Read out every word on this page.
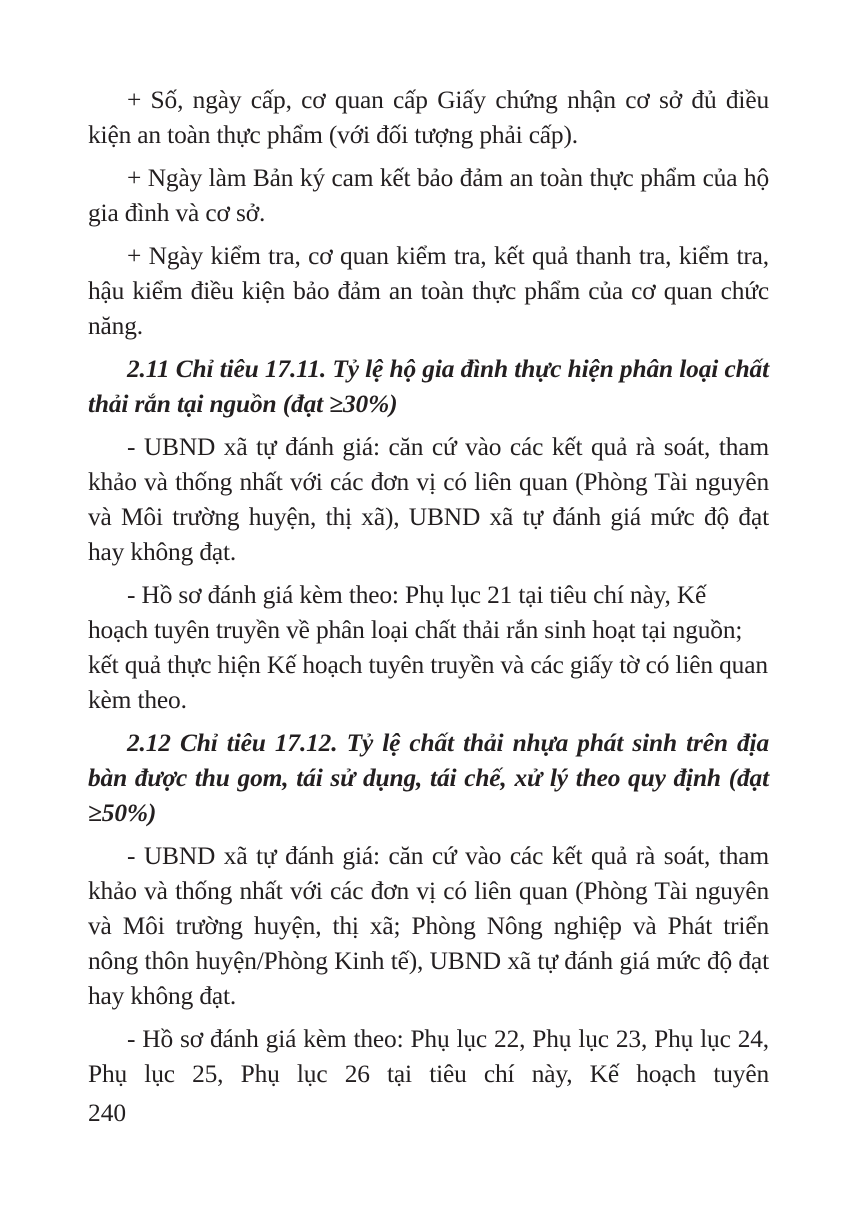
+ Số, ngày cấp, cơ quan cấp Giấy chứng nhận cơ sở đủ điều kiện an toàn thực phẩm (với đối tượng phải cấp).

+ Ngày làm Bản ký cam kết bảo đảm an toàn thực phẩm của hộ gia đình và cơ sở.

+ Ngày kiểm tra, cơ quan kiểm tra, kết quả thanh tra, kiểm tra, hậu kiểm điều kiện bảo đảm an toàn thực phẩm của cơ quan chức năng.

2.11 Chỉ tiêu 17.11. Tỷ lệ hộ gia đình thực hiện phân loại chất thải rắn tại nguồn (đạt ≥30%)

- UBND xã tự đánh giá: căn cứ vào các kết quả rà soát, tham khảo và thống nhất với các đơn vị có liên quan (Phòng Tài nguyên và Môi trường huyện, thị xã), UBND xã tự đánh giá mức độ đạt hay không đạt.

- Hồ sơ đánh giá kèm theo: Phụ lục 21 tại tiêu chí này, Kế hoạch tuyên truyền về phân loại chất thải rắn sinh hoạt tại nguồn; kết quả thực hiện Kế hoạch tuyên truyền và các giấy tờ có liên quan kèm theo.

2.12 Chỉ tiêu 17.12. Tỷ lệ chất thải nhựa phát sinh trên địa bàn được thu gom, tái sử dụng, tái chế, xử lý theo quy định (đạt ≥50%)

- UBND xã tự đánh giá: căn cứ vào các kết quả rà soát, tham khảo và thống nhất với các đơn vị có liên quan (Phòng Tài nguyên và Môi trường huyện, thị xã; Phòng Nông nghiệp và Phát triển nông thôn huyện/Phòng Kinh tế), UBND xã tự đánh giá mức độ đạt hay không đạt.

- Hồ sơ đánh giá kèm theo: Phụ lục 22, Phụ lục 23, Phụ lục 24, Phụ lục 25, Phụ lục 26 tại tiêu chí này, Kế hoạch tuyên

240
